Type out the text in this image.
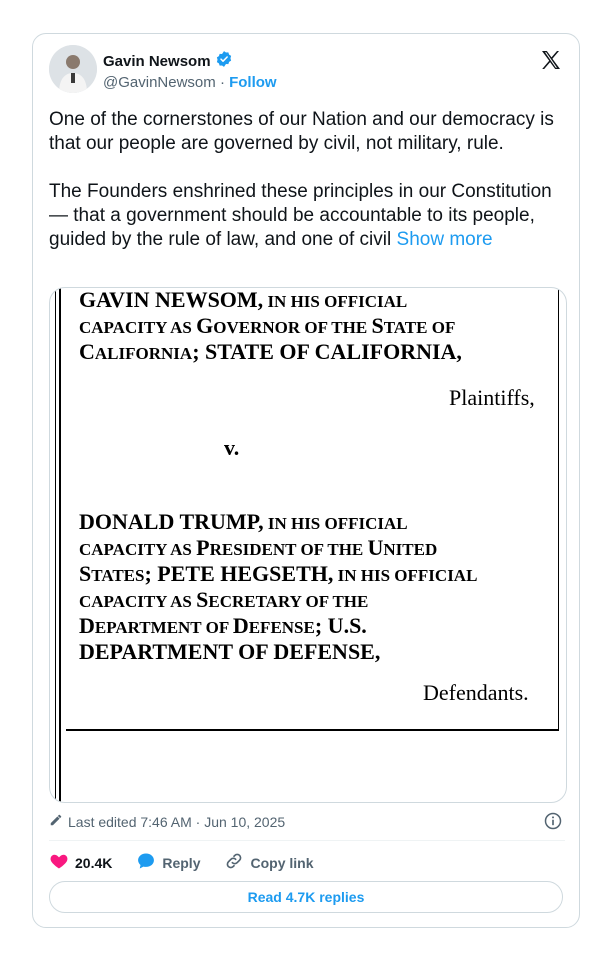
Gavin Newsom
@GavinNewsom · Follow

One of the cornerstones of our Nation and our democracy is that our people are governed by civil, not military, rule.

The Founders enshrined these principles in our Constitution — that a government should be accountable to its people, guided by the rule of law, and one of civil Show more

GAVIN NEWSOM, IN HIS OFFICIAL
CAPACITY AS GOVERNOR OF THE STATE OF
CALIFORNIA; STATE OF CALIFORNIA,

Plaintiffs,
v.

DONALD TRUMP, IN HIS OFFICIAL
CAPACITY AS PRESIDENT OF THE UNITED
STATES; PETE HEGSETH, IN HIS OFFICIAL
CAPACITY AS SECRETARY OF THE
DEPARTMENT OF DEFENSE; U.S.
DEPARTMENT OF DEFENSE,

Defendants.
Last edited 7:46 AM · Jun 10, 2025
20.4K	Reply	Copy link
Read 4.7K replies
